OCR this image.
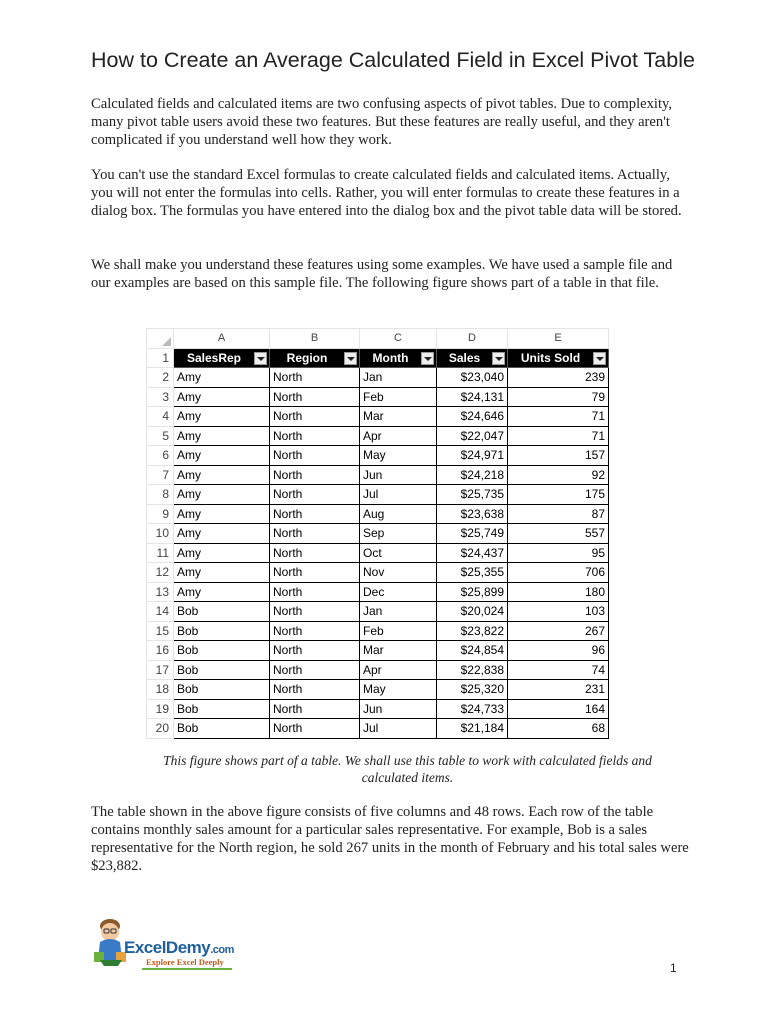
How to Create an Average Calculated Field in Excel Pivot Table

Calculated fields and calculated items are two confusing aspects of pivot tables. Due to complexity, many pivot table users avoid these two features. But these features are really useful, and they aren't complicated if you understand well how they work.

You can't use the standard Excel formulas to create calculated fields and calculated items. Actually, you will not enter the formulas into cells. Rather, you will enter formulas to create these features in a dialog box. The formulas you have entered into the dialog box and the pivot table data will be stored.

We shall make you understand these features using some examples. We have used a sample file and our examples are based on this sample file. The following figure shows part of a table in that file.

	A	B	C	D	E
1	SalesRep	Region	Month	Sales	Units Sold

2	Amy	North	Jan	$23,040	239
3	Amy	North	Feb	$24,131	79
4	Amy	North	Mar	$24,646	71
5	Amy	North	Apr	$22,047	71
6	Amy	North	May	$24,971	157
7	Amy	North	Jun	$24,218	92
8	Amy	North	Jul	$25,735	175
9	Amy	North	Aug	$23,638	87
10	Amy	North	Sep	$25,749	557
11	Amy	North	Oct	$24,437	95
12	Amy	North	Nov	$25,355	706
13	Amy	North	Dec	$25,899	180
14	Bob	North	Jan	$20,024	103
15	Bob	North	Feb	$23,822	267
16	Bob	North	Mar	$24,854	96
17	Bob	North	Apr	$22,838	74
18	Bob	North	May	$25,320	231
19	Bob	North	Jun	$24,733	164
20	Bob	North	Jul	$21,184	68

This figure shows part of a table. We shall use this table to work with calculated fields and calculated items.

The table shown in the above figure consists of five columns and 48 rows. Each row of the table contains monthly sales amount for a particular sales representative. For example, Bob is a sales representative for the North region, he sold 267 units in the month of February and his total sales were $23,882.

ExcelDemy.com
Explore Excel Deeply	1
